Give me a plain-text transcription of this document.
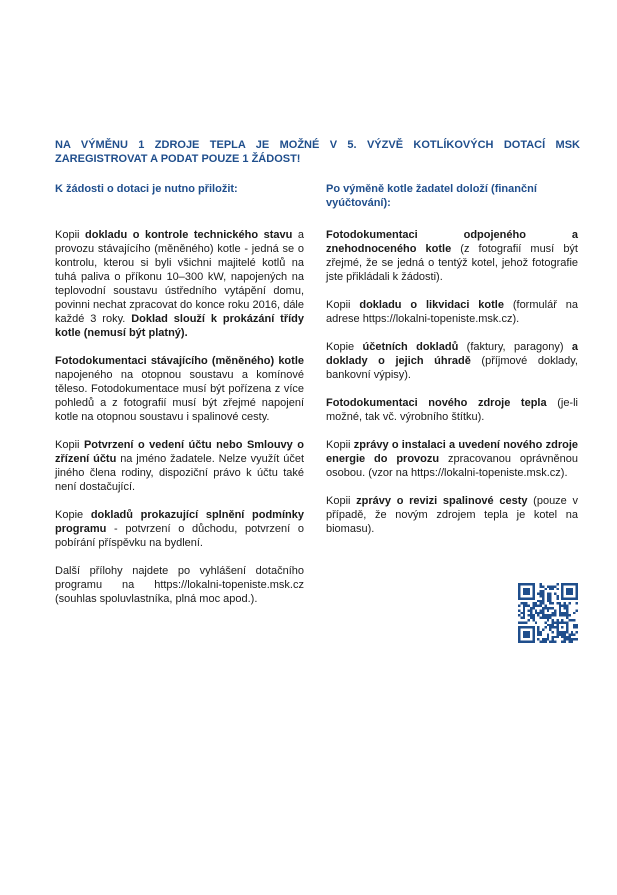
NA VÝMĚNU 1 ZDROJE TEPLA JE MOŽNÉ V 5. VÝZVĚ KOTLÍKOVÝCH DOTACÍ MSK ZAREGISTROVAT A PODAT POUZE 1 ŽÁDOST!
K žádosti o dotaci je nutno přiložit:

Kopii dokladu o kontrole technického stavu a provozu stávajícího (měněného) kotle - jedná se o kontrolu, kterou si byli všichni majitelé kotlů na tuhá paliva o příkonu 10–300 kW, napojených na teplovodní soustavu ústředního vytápění domu, povinni nechat zpracovat do konce roku 2016, dále každé 3 roky. Doklad slouží k prokázání třídy kotle (nemusí být platný).

Fotodokumentaci stávajícího (měněného) kotle napojeného na otopnou soustavu a komínové těleso. Fotodokumentace musí být pořízena z více pohledů a z fotografií musí být zřejmé napojení kotle na otopnou soustavu i spalinové cesty.

Kopii Potvrzení o vedení účtu nebo Smlouvy o zřízení účtu na jméno žadatele. Nelze využít účet jiného člena rodiny, dispoziční právo k účtu také není dostačující.

Kopie dokladů prokazující splnění podmínky programu - potvrzení o důchodu, potvrzení o pobírání příspěvku na bydlení.

Další přílohy najdete po vyhlášení dotačního programu na https://lokalni-topeniste.msk.cz (souhlas spoluvlastníka, plná moc apod.).

Po výměně kotle žadatel doloží (finanční vyúčtování):

Fotodokumentaci odpojeného a znehodnoceného kotle (z fotografií musí být zřejmé, že se jedná o tentýž kotel, jehož fotografie jste přikládali k žádosti).

Kopii dokladu o likvidaci kotle (formulář na adrese https://lokalni-topeniste.msk.cz).

Kopie účetních dokladů (faktury, paragony) a doklady o jejich úhradě (příjmové doklady, bankovní výpisy).

Fotodokumentaci nového zdroje tepla (je-li možné, tak vč. výrobního štítku).

Kopii zprávy o instalaci a uvedení nového zdroje energie do provozu zpracovanou oprávněnou osobou. (vzor na https://lokalni-topeniste.msk.cz).

Kopii zprávy o revizi spalinové cesty (pouze v případě, že novým zdrojem tepla je kotel na biomasu).
